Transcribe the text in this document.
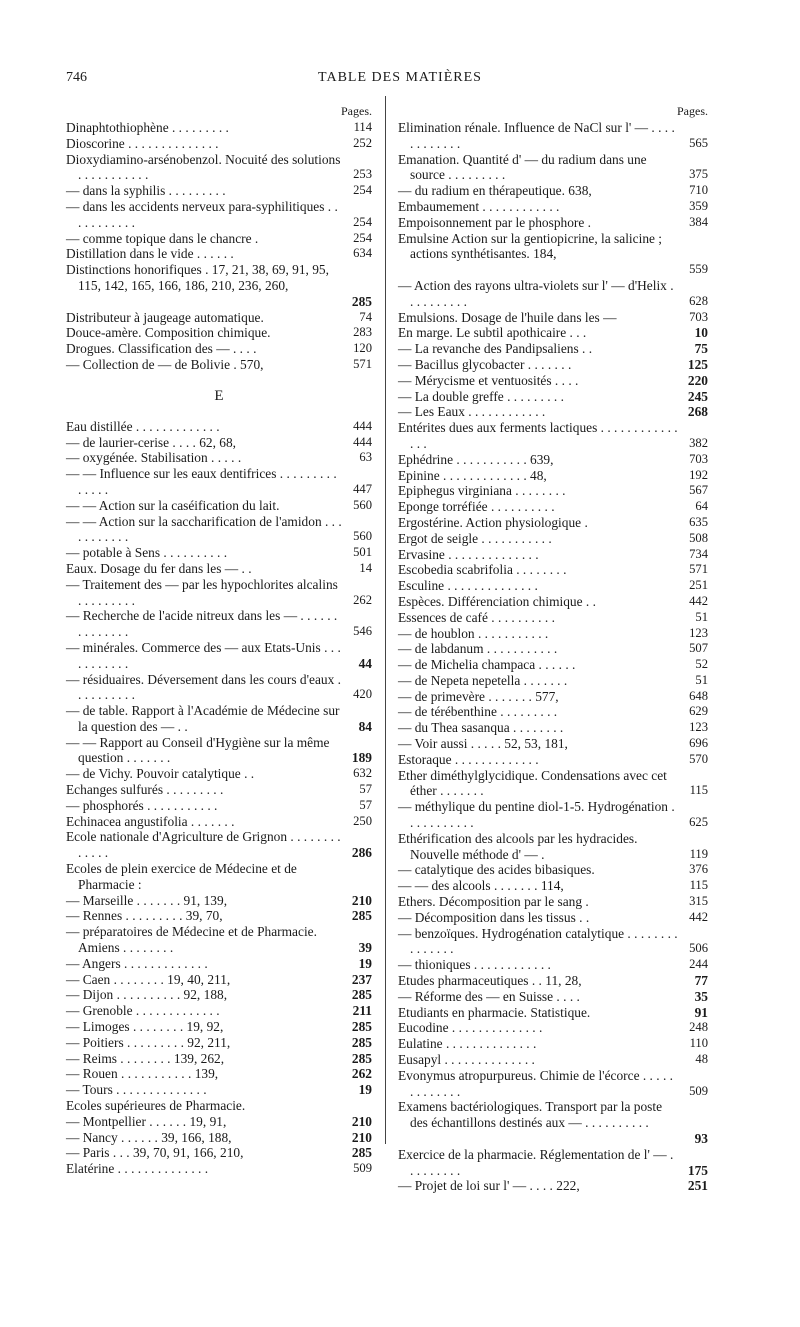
746	TABLE DES MATIÈRES
Pages.
Dinaphtothiophène . . . . . . . . .	114
Dioscorine . . . . . . . . . . . . . .	252
Dioxydiamino-arsénobenzol. Nocuité des solutions . . . . . . . . . . .	253
— dans la syphilis . . . . . . . . .	254
— dans les accidents nerveux para-syphilitiques . . . . . . . . . . .	254
— comme topique dans le chancre .	254
Distillation dans le vide . . . . . .	634
Distinctions honorifiques . 17, 21, 38, 69, 91, 95, 115, 142, 165, 166, 186, 210, 236, 260,
285
Distributeur à jaugeage automatique.	74
Douce-amère. Composition chimique.	283
Drogues. Classification des — . . . .	120
— Collection de — de Bolivie . 570,	571
E
Eau distillée . . . . . . . . . . . . .	444
— de laurier-cerise . . . . 62, 68,	444
— oxygénée. Stabilisation . . . . .	63
— — Influence sur les eaux dentifrices . . . . . . . . . . . . . .	447
— — Action sur la caséification du lait.	560
— — Action sur la saccharification de l'amidon . . . . . . . . . . .	560
— potable à Sens . . . . . . . . . .	501
Eaux. Dosage du fer dans les — . .	14
— Traitement des — par les hypochlorites alcalins . . . . . . . . .	262
— Recherche de l'acide nitreux dans les — . . . . . . . . . . . . . .	546
— minérales. Commerce des — aux Etats-Unis . . . . . . . . . . .	44
— résiduaires. Déversement dans les cours d'eaux . . . . . . . . . .	420
— de table. Rapport à l'Académie de Médecine sur la question des — . .	84
— — Rapport au Conseil d'Hygiène sur la même question . . . . . . .	189
— de Vichy. Pouvoir catalytique . .	632
Echanges sulfurés . . . . . . . . .	57
— phosphorés . . . . . . . . . . .	57
Echinacea angustifolia . . . . . . .	250
Ecole nationale d'Agriculture de Grignon . . . . . . . . . . . . .	286
Ecoles de plein exercice de Médecine et de Pharmacie :
— Marseille . . . . . . . 91, 139,	210
— Rennes . . . . . . . . . 39, 70,	285
— préparatoires de Médecine et de Pharmacie. Amiens . . . . . . . .	39
— Angers . . . . . . . . . . . . .	19
— Caen . . . . . . . . 19, 40, 211,	237
— Dijon . . . . . . . . . . 92, 188,	285
— Grenoble . . . . . . . . . . . . .	211
— Limoges . . . . . . . . 19, 92,	285
— Poitiers . . . . . . . . . 92, 211,	285
— Reims . . . . . . . . 139, 262,	285
— Rouen . . . . . . . . . . . 139,	262
— Tours . . . . . . . . . . . . . .	19
Ecoles supérieures de Pharmacie.
— Montpellier . . . . . . 19, 91,	210
— Nancy . . . . . . 39, 166, 188,	210
— Paris . . . 39, 70, 91, 166, 210,	285
Elatérine . . . . . . . . . . . . . .	509
Pages.
Elimination rénale. Influence de NaCl sur l' — . . . . . . . . . . . .	565
Emanation. Quantité d' — du radium dans une source . . . . . . . . .	375
— du radium en thérapeutique. 638,	710
Embaumement . . . . . . . . . . . .	359
Empoisonnement par le phosphore .	384
Emulsine Action sur la gentiopicrine, la salicine ; actions synthétisantes. 184,
559
— Action des rayons ultra-violets sur l' — d'Helix . . . . . . . . . .	628
Emulsions. Dosage de l'huile dans les —	703
En marge. Le subtil apothicaire . . .	10
— La revanche des Pandipsaliens . .	75
— Bacillus glycobacter . . . . . . .	125
— Mérycisme et ventuosités . . . .	220
— La double greffe . . . . . . . . .	245
— Les Eaux . . . . . . . . . . . .	268
Entérites dues aux ferments lactiques . . . . . . . . . . . . . . .	382
Ephédrine . . . . . . . . . . . 639,	703
Epinine . . . . . . . . . . . . . 48,	192
Epiphegus virginiana . . . . . . . .	567
Eponge torréfiée . . . . . . . . . .	64
Ergostérine. Action physiologique .	635
Ergot de seigle . . . . . . . . . . .	508
Ervasine . . . . . . . . . . . . . .	734
Escobedia scabrifolia . . . . . . . .	571
Esculine . . . . . . . . . . . . . .	251
Espèces. Différenciation chimique . .	442
Essences de café . . . . . . . . . .	51
— de houblon . . . . . . . . . . .	123
— de labdanum . . . . . . . . . . .	507
— de Michelia champaca . . . . . .	52
— de Nepeta nepetella . . . . . . .	51
— de primevère . . . . . . . 577,	648
— de térébenthine . . . . . . . . .	629
— du Thea sasanqua . . . . . . . .	123
— Voir aussi . . . . . 52, 53, 181,	696
Estoraque . . . . . . . . . . . . .	570
Ether diméthylglycidique. Condensations avec cet éther . . . . . . .	115
— méthylique du pentine diol-1-5. Hydrogénation . . . . . . . . . . .	625
Ethérification des alcools par les hydracides. Nouvelle méthode d' — .	119
— catalytique des acides bibasiques.	376
— — des alcools . . . . . . . 114,	115
Ethers. Décomposition par le sang .	315
— Décomposition dans les tissus . .	442
— benzoïques. Hydrogénation catalytique . . . . . . . . . . . . . . .	506
— thioniques . . . . . . . . . . . .	244
Etudes pharmaceutiques . . 11, 28,	77
— Réforme des — en Suisse . . . .	35
Etudiants en pharmacie. Statistique.	91
Eucodine . . . . . . . . . . . . . .	248
Eulatine . . . . . . . . . . . . . .	110
Eusapyl . . . . . . . . . . . . . .	48
Evonymus atropurpureus. Chimie de l'écorce . . . . . . . . . . . . .	509
Examens bactériologiques. Transport par la poste des échantillons destinés aux — . . . . . . . . . .
93
Exercice de la pharmacie. Réglementation de l' — . . . . . . . . .	175
— Projet de loi sur l' — . . . . 222,	251
